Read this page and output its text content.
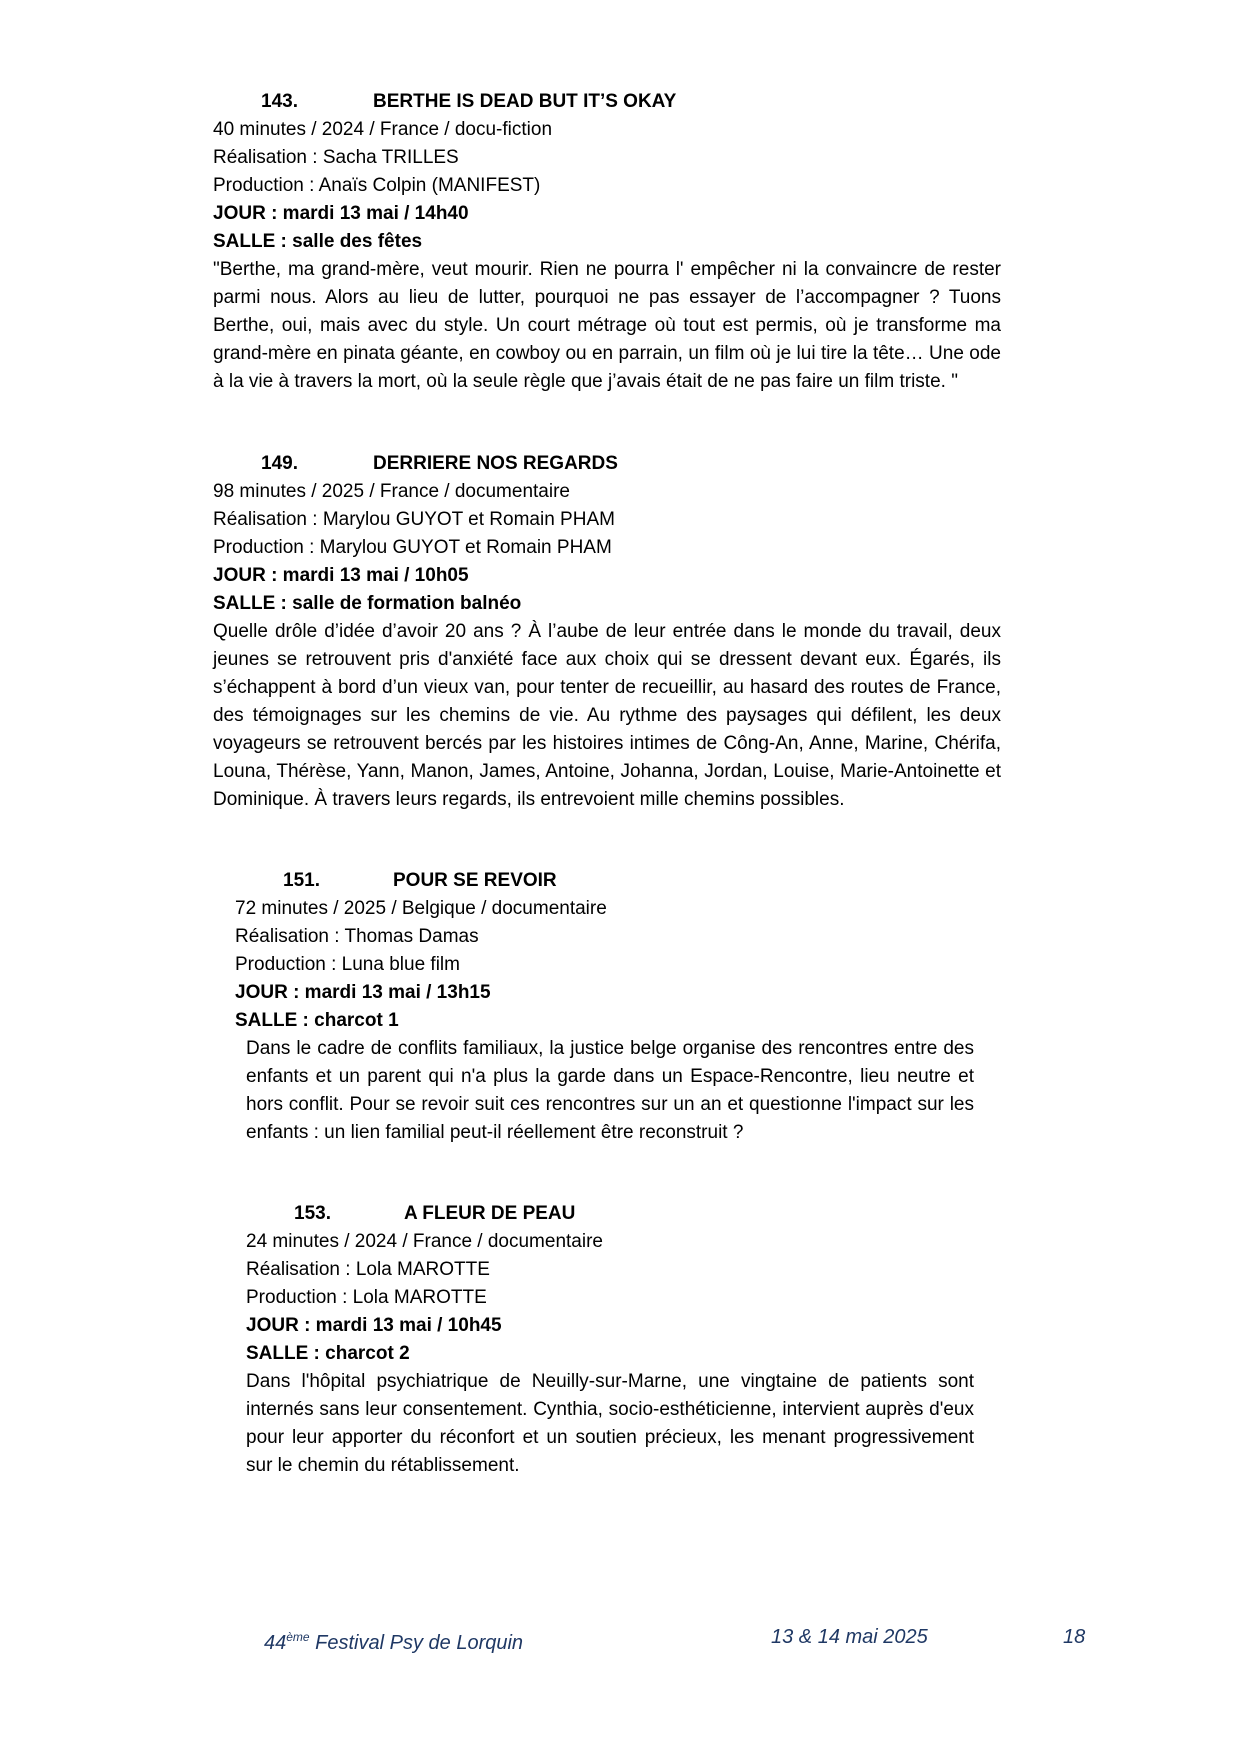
143.	BERTHE IS DEAD BUT IT’S OKAY
40 minutes / 2024 / France / docu-fiction
Réalisation : Sacha TRILLES
Production : Anaïs Colpin (MANIFEST)
JOUR : mardi 13 mai / 14h40
SALLE : salle des fêtes
"Berthe, ma grand-mère, veut mourir. Rien ne pourra l' empêcher ni la convaincre de rester parmi nous. Alors au lieu de lutter, pourquoi ne pas essayer de l’accompagner ? Tuons Berthe, oui, mais avec du style. Un court métrage où tout est permis, où je transforme ma grand-mère en pinata géante, en cowboy ou en parrain, un film où je lui tire la tête… Une ode à la vie à travers la mort, où la seule règle que j’avais était de ne pas faire un film triste. "
149.	DERRIERE NOS REGARDS
98 minutes / 2025 / France / documentaire
Réalisation : Marylou GUYOT et Romain PHAM
Production : Marylou GUYOT et Romain PHAM
JOUR : mardi 13 mai / 10h05
SALLE : salle de formation balnéo
Quelle drôle d’idée d’avoir 20 ans ? À l’aube de leur entrée dans le monde du travail, deux jeunes se retrouvent pris d'anxiété face aux choix qui se dressent devant eux. Égarés, ils s’échappent à bord d’un vieux van, pour tenter de recueillir, au hasard des routes de France, des témoignages sur les chemins de vie. Au rythme des paysages qui défilent, les deux voyageurs se retrouvent bercés par les histoires intimes de Công-An, Anne, Marine, Chérifa, Louna, Thérèse, Yann, Manon, James, Antoine, Johanna, Jordan, Louise, Marie-Antoinette et Dominique. À travers leurs regards, ils entrevoient mille chemins possibles.
151.	POUR SE REVOIR
72 minutes / 2025 / Belgique / documentaire
Réalisation : Thomas Damas
Production : Luna blue film
JOUR : mardi 13 mai / 13h15
SALLE : charcot 1
Dans le cadre de conflits familiaux, la justice belge organise des rencontres entre des enfants et un parent qui n'a plus la garde dans un Espace-Rencontre, lieu neutre et hors conflit. Pour se revoir suit ces rencontres sur un an et questionne l'impact sur les enfants : un lien familial peut-il réellement être reconstruit ?
153.	A FLEUR DE PEAU
24 minutes / 2024 / France / documentaire
Réalisation : Lola MAROTTE
Production : Lola MAROTTE
JOUR : mardi 13 mai / 10h45
SALLE : charcot 2
Dans l'hôpital psychiatrique de Neuilly-sur-Marne, une vingtaine de patients sont internés sans leur consentement. Cynthia, socio-esthéticienne, intervient auprès d'eux pour leur apporter du réconfort et un soutien précieux, les menant progressivement sur le chemin du rétablissement.
44ème Festival Psy de Lorquin	13 & 14 mai 2025	18
